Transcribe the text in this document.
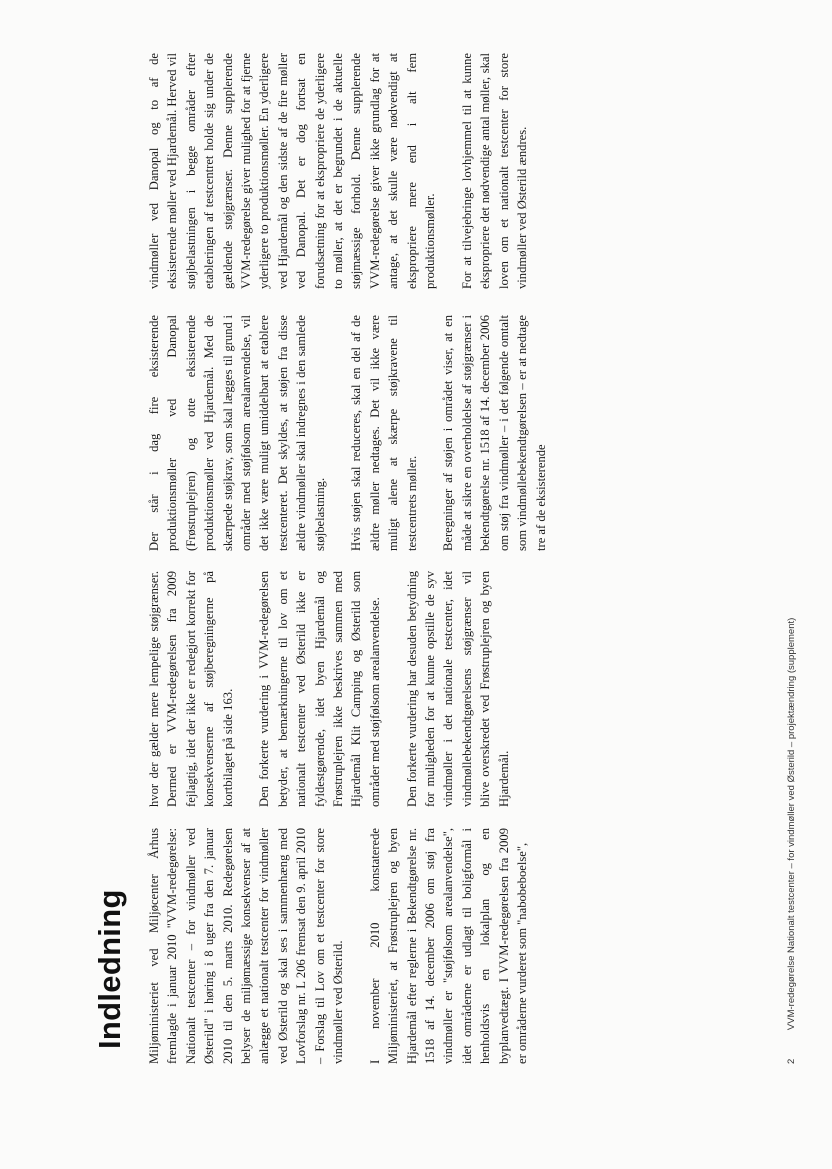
Indledning Miljøministeriet ved Miljøcenter Århus fremlagde i januar 2010 "VVM-redegørelse: Nationalt testcenter – for vindmøller ved Østerild" i høring i 8 uger fra den 7. januar 2010 til den 5. marts 2010. Redegørelsen belyser de miljømæssige konsekvenser af at anlægge et nationalt testcenter for vindmøller ved Østerild og skal ses i sammenhæng med Lovforslag nr. L 206 fremsat den 9. april 2010 – Forslag til Lov om et testcenter for store vindmøller ved Østerild. I november 2010 konstaterede Miljøministeriet, at Frøstruplejren og byen Hjardemål efter reglerne i Bekendtgørelse nr. 1518 af 14. december 2006 om støj fra vindmøller er "støjfølsom arealanvendelse", idet områderne er udlagt til boligformål i henholdsvis en lokalplan og en byplanvedtægt. I VVM-redegørelsen fra 2009 er områderne vurderet som "nabobeboelse",

hvor der gælder mere lempelige støjgrænser. Dermed er VVM-redegørelsen fra 2009 fejlagtig, idet der ikke er redegjort korrekt for konsekvenserne af støjberegningerne på kortbilaget på side 163. Den forkerte vurdering i VVM-redegørelsen betyder, at bemærkningerne til lov om et nationalt testcenter ved Østerild ikke er fyldestgørende, idet byen Hjardemål og Frøstruplejren ikke beskrives sammen med Hjardemål Klit Camping og Østerild som områder med støjfølsom arealanvendelse. Den forkerte vurdering har desuden betydning for muligheden for at kunne opstille de syv vindmøller i det nationale testcenter, idet vindmøllebekendtgørelsens støjgrænser vil blive overskredet ved Frøstruplejren og byen Hjardemål.

Der står i dag fire eksisterende produktionsmøller ved Danopal (Frøstruplejren) og otte eksisterende produktionsmøller ved Hjardemål. Med de skærpede støjkrav, som skal lægges til grund i områder med støjfølsom arealanvendelse, vil det ikke være muligt umiddelbart at etablere testcenteret. Det skyldes, at støjen fra disse ældre vindmøller skal indregnes i den samlede støjbelastning. Hvis støjen skal reduceres, skal en del af de ældre møller nedtages. Det vil ikke være muligt alene at skærpe støjkravene til testcentrets møller. Beregninger af støjen i området viser, at en måde at sikre en overholdelse af støjgrænser i bekendtgørelse nr. 1518 af 14. december 2006 om støj fra vindmøller – i det følgende omtalt som vindmøllebekendtgørelsen – er at nedtage tre af de eksisterende

vindmøller ved Danopal og to af de eksisterende møller ved Hjardemål. Herved vil støjbelastningen i begge områder efter etableringen af testcentret holde sig under de gældende støjgrænser. Denne supplerende VVM-redegørelse giver mulighed for at fjerne yderligere to produktionsmøller. En yderligere ved Hjardemål og den sidste af de fire møller ved Danopal. Det er dog fortsat en forudsætning for at ekspropriere de yderligere to møller, at det er begrundet i de aktuelle støjmæssige forhold. Denne supplerende VVM-redegørelse giver ikke grundlag for at antage, at det skulle være nødvendigt at ekspropriere mere end i alt fem produktionsmøller. For at tilvejebringe lovhjemmel til at kunne ekspropriere det nødvendige antal møller, skal loven om et nationalt testcenter for store vindmøller ved Østerild ændres.

2 VVM-redegørelse Nationalt testcenter – for vindmøller ved Østerild – projektændring (supplement)
